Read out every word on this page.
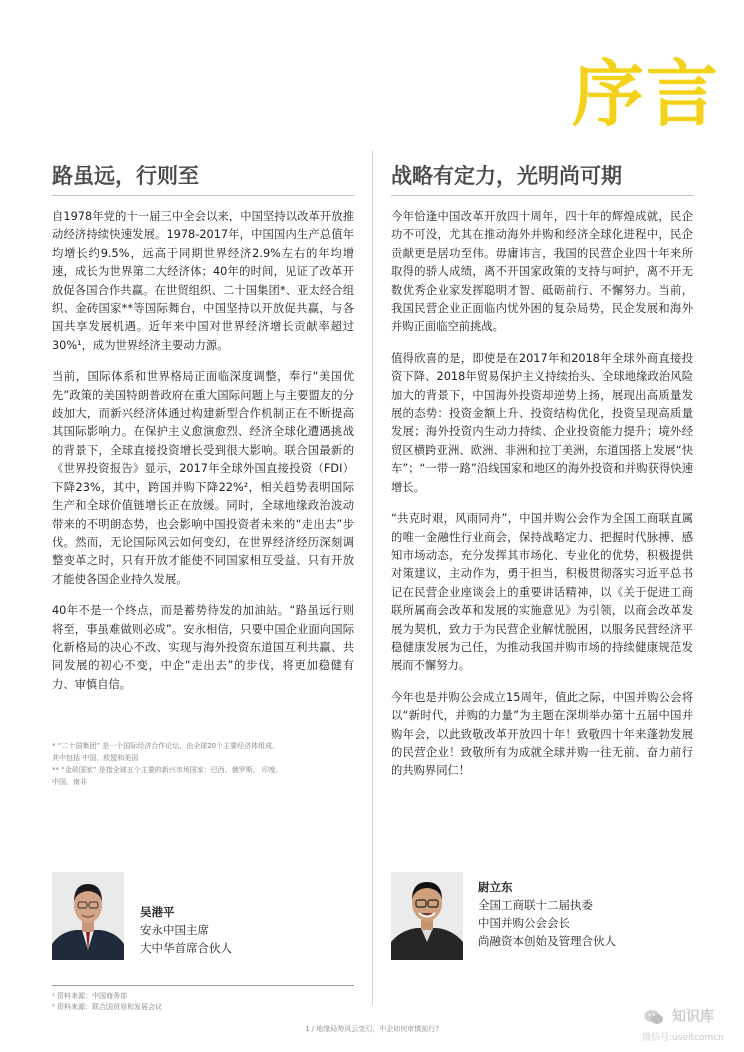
序言
路虽远，行则至	战略有定力，光明尚可期

自1978年党的十一届三中全会以来，中国坚持以改革开放推动经济持续快速发展。1978-2017年，中国国内生产总值年均增长约9.5%，远高于同期世界经济2.9%左右的年均增速，成长为世界第二大经济体；40年的时间，见证了改革开放促各国合作共赢。在世贸组织、二十国集团*、亚太经合组织、金砖国家**等国际舞台，中国坚持以开放促共赢，与各国共享发展机遇。近年来中国对世界经济增长贡献率超过30%¹，成为世界经济主要动力源。

当前，国际体系和世界格局正面临深度调整，奉行“美国优先”政策的美国特朗普政府在重大国际问题上与主要盟友的分歧加大，而新兴经济体通过构建新型合作机制正在不断提高其国际影响力。在保护主义愈演愈烈、经济全球化遭遇挑战的背景下，全球直接投资增长受到很大影响。联合国最新的《世界投资报告》显示，2017年全球外国直接投资（FDI）下降23%，其中，跨国并购下降22%²，相关趋势表明国际生产和全球价值链增长正在放缓。同时，全球地缘政治波动带来的不明朗态势，也会影响中国投资者未来的“走出去”步伐。然而，无论国际风云如何变幻，在世界经济经历深刻调整变革之时，只有开放才能使不同国家相互受益、只有开放才能使各国企业持久发展。

40年不是一个终点，而是蓄势待发的加油站。“路虽远行则将至，事虽难做则必成”。安永相信，只要中国企业面向国际化新格局的决心不改、实现与海外投资东道国互利共赢、共同发展的初心不变，中企“走出去”的步伐，将更加稳健有力、审慎自信。

* “二十国集团” 是一个国际经济合作论坛，由全球20个主要经济体组成，
其中包括 中国、欧盟和美国
** “金砖国家” 是指全球五个主要的新兴市场国家：巴西、俄罗斯、 印度、
中国、南非

今年恰逢中国改革开放四十周年，四十年的辉煌成就，民企功不可没，尤其在推动海外并购和经济全球化进程中，民企贡献更是居功至伟。毋庸讳言，我国的民营企业四十年来所取得的骄人成绩，离不开国家政策的支持与呵护，离不开无数优秀企业家发挥聪明才智、砥砺前行、不懈努力。当前，我国民营企业正面临内忧外困的复杂局势，民企发展和海外并购正面临空前挑战。

值得欣喜的是，即使是在2017年和2018年全球外商直接投资下降、2018年贸易保护主义持续抬头、全球地缘政治风险加大的背景下，中国海外投资却逆势上扬，展现出高质量发展的态势：投资金额上升、投资结构优化，投资呈现高质量发展；海外投资内生动力持续、企业投资能力提升；境外经贸区横跨亚洲、欧洲、非洲和拉丁美洲，东道国搭上发展“快车”；“一带一路”沿线国家和地区的海外投资和并购获得快速增长。

“共克时艰，风雨同舟”，中国并购公会作为全国工商联直属的唯一金融性行业商会，保持战略定力、把握时代脉搏、感知市场动态，充分发挥其市场化、专业化的优势，积极提供对策建议，主动作为，勇于担当，积极贯彻落实习近平总书记在民营企业座谈会上的重要讲话精神，以《关于促进工商联所属商会改革和发展的实施意见》为引领，以商会改革发展为契机，致力于为民营企业解忧脱困，以服务民营经济平稳健康发展为己任，为推动我国并购市场的持续健康规范发展而不懈努力。

今年也是并购公会成立15周年，值此之际，中国并购公会将以“新时代，并购的力量”为主题在深圳举办第十五届中国并购年会，以此致敬改革开放四十年！致敬四十年来蓬勃发展的民营企业！致敬所有为成就全球并购一往无前、奋力前行的共购界同仁！

吴港平
安永中国主席
大中华首席合伙人
尉立东
全国工商联十二届执委
中国并购公会会长
尚融资本创始及管理合伙人
¹ 资料来源：中国商务部
² 资料来源：联合国贸易和发展会议
1 / 地缘局势风云变幻，中企如何审慎前行?
知识库
微信号:useitcomcn
